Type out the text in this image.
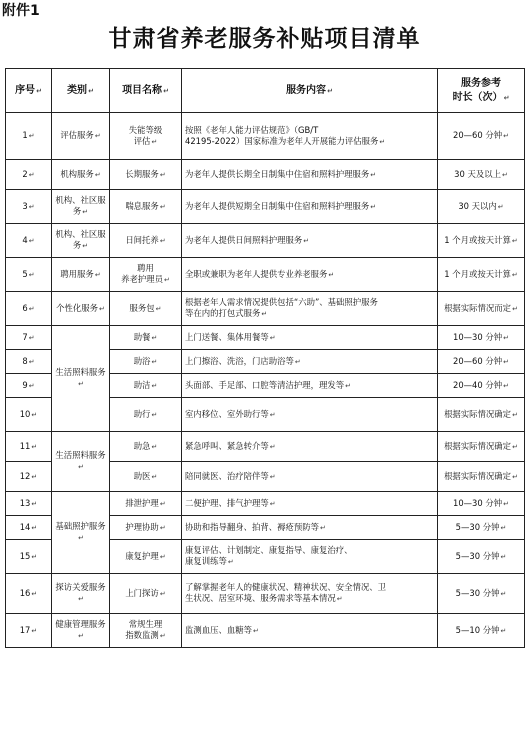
附件1
甘肃省养老服务补贴项目清单
序号 ↵	类别 ↵	项目名称 ↵	服务内容 ↵	服务参考
时长（次） ↵
1 ↵	评估服务 ↵	失能等级
评估 ↵	按照《老年人能力评估规范》（GB/T
42195-2022）国家标准为老年人开展能力评估服务 ↵	20—60 分钟 ↵
2 ↵	机构服务 ↵	长期服务 ↵	为老年人提供长期全日制集中住宿和照料护理服务 ↵	30 天及以上 ↵
3 ↵	机构、社区服务 ↵	喘息服务 ↵	为老年人提供短期全日制集中住宿和照料护理服务 ↵	30 天以内 ↵
4 ↵	机构、社区服务 ↵	日间托养 ↵	为老年人提供日间照料护理服务 ↵	1 个月或按天计算 ↵
5 ↵	聘用服务 ↵	聘用
养老护理员 ↵	全职或兼职为老年人提供专业养老服务 ↵	1 个月或按天计算 ↵
6 ↵	个性化服务 ↵	服务包 ↵	根据老年人需求情况提供包括“六助”、基础照护服务
等在内的打包式服务 ↵	根据实际情况而定 ↵
7 ↵	生活照料服务 ↵	助餐 ↵	上门送餐、集体用餐等 ↵	10—30 分钟 ↵
8 ↵		助浴 ↵	上门擦浴、洗浴，门店助浴等 ↵	20—60 分钟 ↵
9 ↵		助洁 ↵	头面部、手足部、口腔等清洁护理，理发等 ↵	20—40 分钟 ↵
10 ↵		助行 ↵	室内移位、室外助行等 ↵	根据实际情况确定 ↵
11 ↵	生活照料服务 ↵	助急 ↵	紧急呼叫、紧急转介等 ↵	根据实际情况确定 ↵
12 ↵		助医 ↵	陪同就医、治疗陪伴等 ↵	根据实际情况确定 ↵
13 ↵	基础照护服务 ↵	排泄护理 ↵	二便护理、排气护理等 ↵	10—30 分钟 ↵
14 ↵		护理协助 ↵	协助和指导翻身、拍背、褥疮预防等 ↵	5—30 分钟 ↵
15 ↵		康复护理 ↵	康复评估、计划制定、康复指导、康复治疗、
康复训练等 ↵	5—30 分钟 ↵
16 ↵	探访关爱服务 ↵	上门探访 ↵	了解掌握老年人的健康状况、精神状况、安全情况、卫
生状况、居室环境、服务需求等基本情况 ↵	5—30 分钟 ↵
17 ↵	健康管理服务 ↵	常规生理
指数监测 ↵	监测血压、血糖等 ↵	5—10 分钟 ↵
